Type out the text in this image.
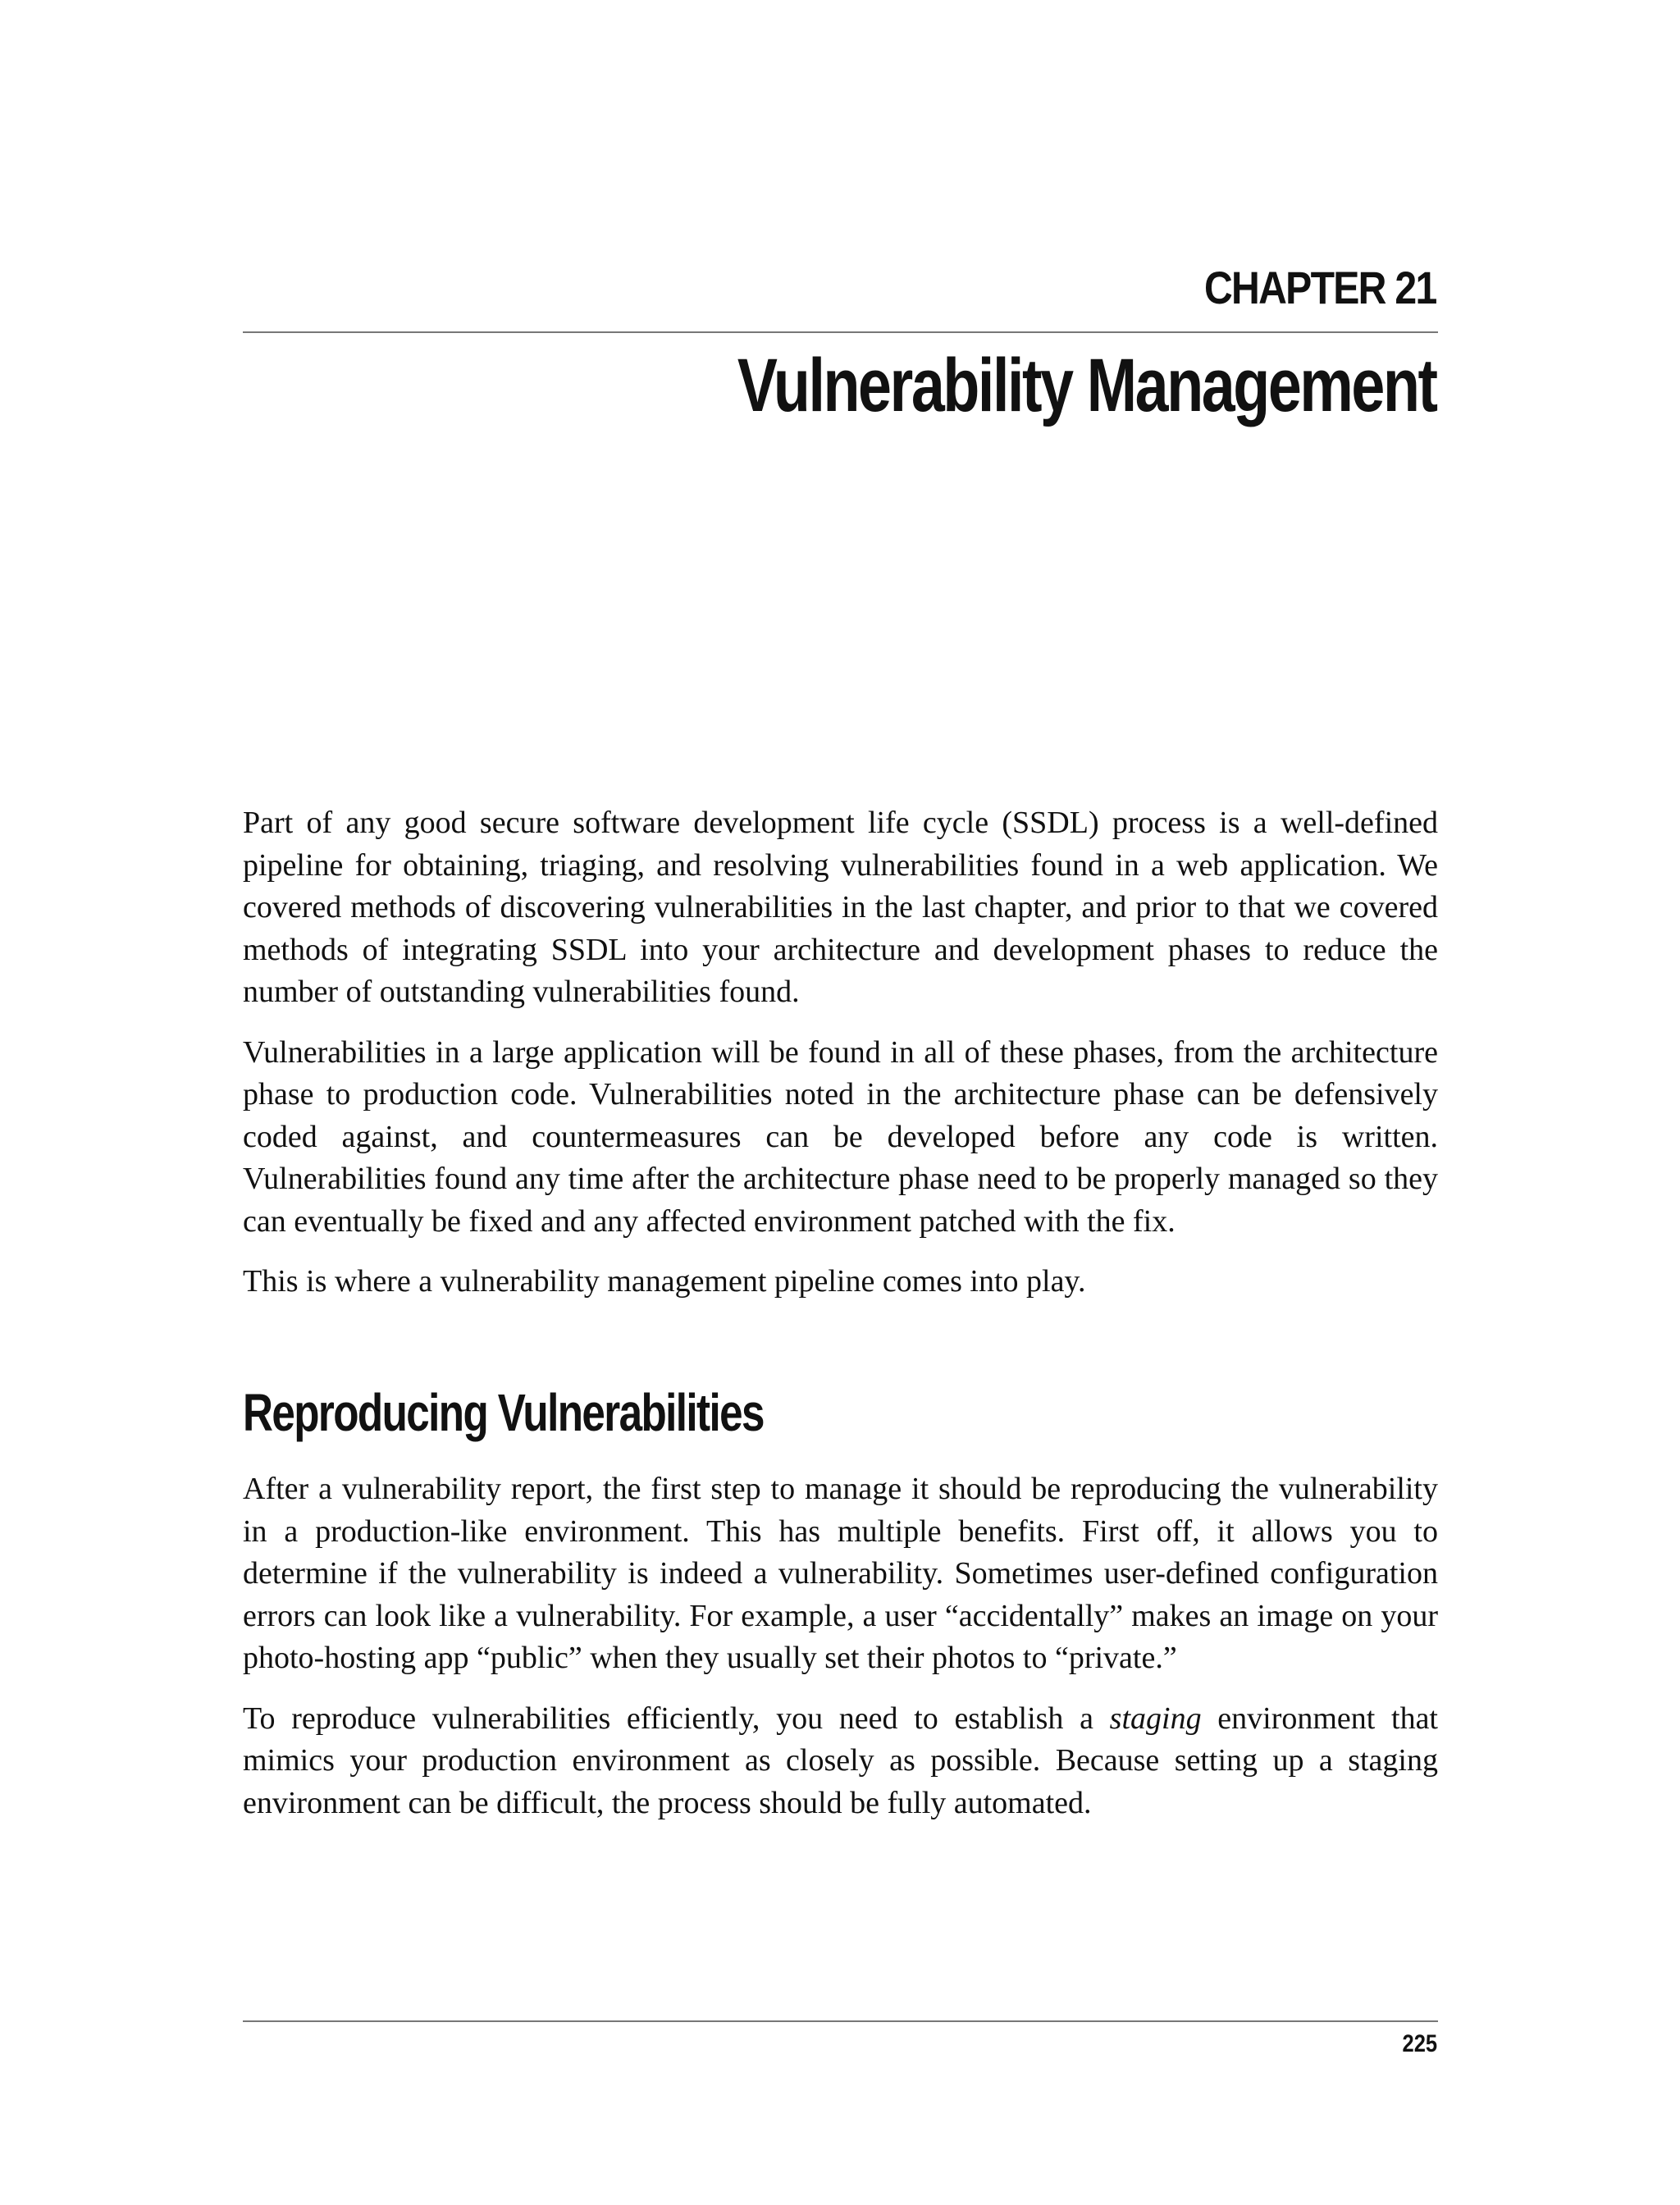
CHAPTER 21
Vulnerability Management

Part of any good secure software development life cycle (SSDL) process is a well-defined pipeline for obtaining, triaging, and resolving vulnerabilities found in a web application. We covered methods of discovering vulnerabilities in the last chapter, and prior to that we covered methods of integrating SSDL into your architecture and development phases to reduce the number of outstanding vulnerabilities found.

Vulnerabilities in a large application will be found in all of these phases, from the architecture phase to production code. Vulnerabilities noted in the architecture phase can be defensively coded against, and countermeasures can be developed before any code is written. Vulnerabilities found any time after the architecture phase need to be properly managed so they can eventually be fixed and any affected environment patched with the fix.

This is where a vulnerability management pipeline comes into play.

Reproducing Vulnerabilities

After a vulnerability report, the first step to manage it should be reproducing the vulnerability in a production-like environment. This has multiple benefits. First off, it allows you to determine if the vulnerability is indeed a vulnerability. Sometimes user-defined configuration errors can look like a vulnerability. For example, a user “accidentally” makes an image on your photo-hosting app “public” when they usually set their photos to “private.”

To reproduce vulnerabilities efficiently, you need to establish a staging environment that mimics your production environment as closely as possible. Because setting up a staging environment can be difficult, the process should be fully automated.

225
